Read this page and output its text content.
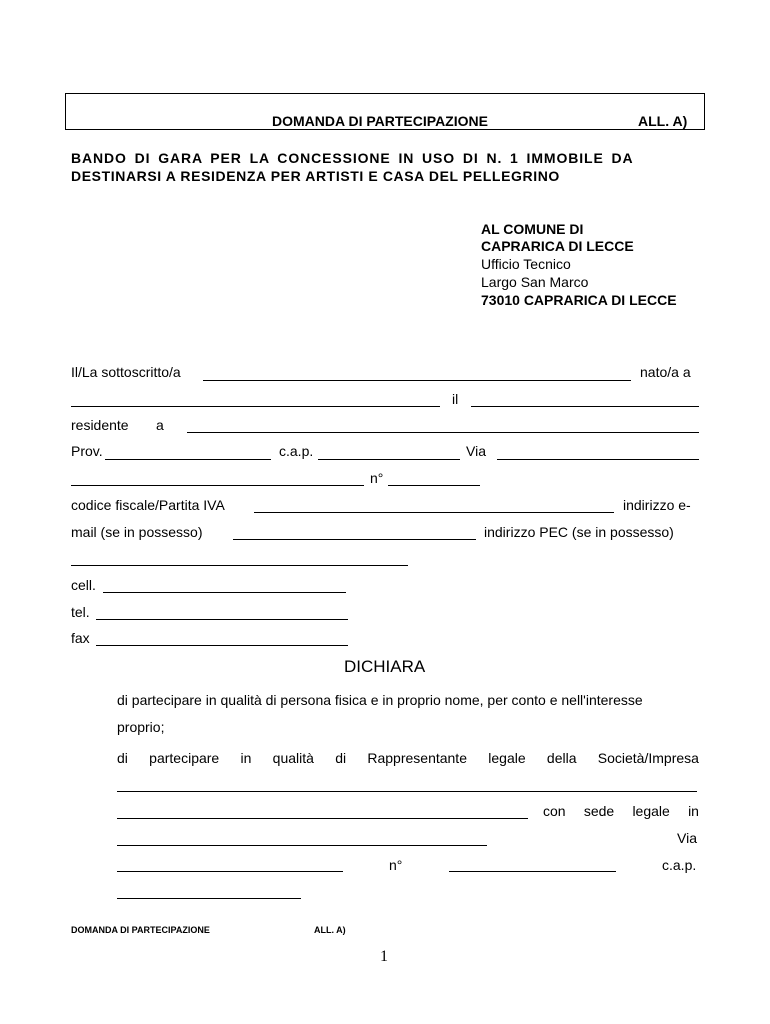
DOMANDA DI PARTECIPAZIONE	ALL. A)
BANDO DI GARA PER LA CONCESSIONE IN USO DI N. 1 IMMOBILE DA
DESTINARSI A RESIDENZA PER ARTISTI E CASA DEL PELLEGRINO
AL COMUNE DI
CAPRARICA DI LECCE
Ufficio Tecnico
Largo San Marco
73010 CAPRARICA DI LECCE
Il/La sottoscritto/a	nato/a a
il
residente a
Prov.	c.a.p.	Via
n°
codice fiscale/Partita IVA	indirizzo e-
mail (se in possesso)	indirizzo PEC (se in possesso)
cell.
tel.
fax
DICHIARA
di partecipare in qualità di persona fisica e in proprio nome, per conto e nell'interesse
proprio;
di partecipare in qualità di Rappresentante legale della Società/Impresa
con sede legale in
Via
n°	c.a.p.
DOMANDA DI PARTECIPAZIONE	ALL. A)
1
